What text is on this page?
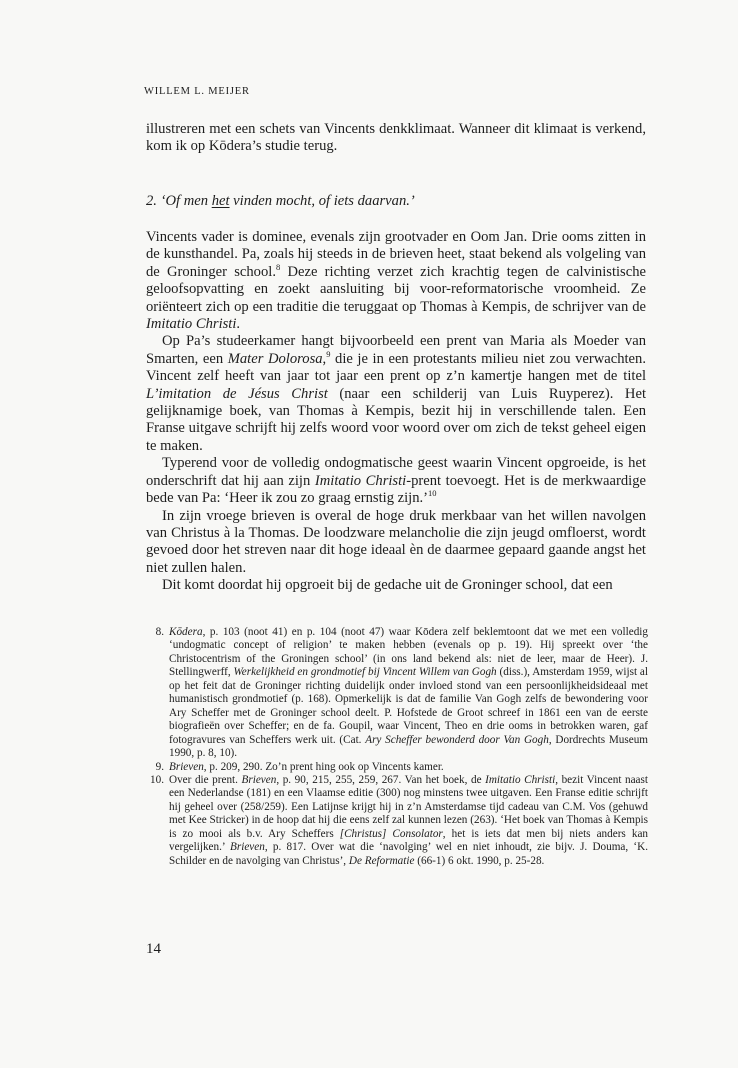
WILLEM L. MEIJER

illustreren met een schets van Vincents denkklimaat. Wanneer dit klimaat is verkend, kom ik op Kōdera’s studie terug.

2. ‘Of men het vinden mocht, of iets daarvan.’

Vincents vader is dominee, evenals zijn grootvader en Oom Jan. Drie ooms zitten in de kunsthandel. Pa, zoals hij steeds in de brieven heet, staat bekend als volgeling van de Groninger school.$^8$ Deze richting verzet zich krachtig tegen de calvinistische geloofsopvatting en zoekt aansluiting bij voor-reformatorische vroomheid. Ze oriënteert zich op een traditie die teruggaat op Thomas à Kempis, de schrijver van de Imitatio Christi.

Op Pa’s studeerkamer hangt bijvoorbeeld een prent van Maria als Moeder van Smarten, een Mater Dolorosa,$^9$ die je in een protestants milieu niet zou verwachten. Vincent zelf heeft van jaar tot jaar een prent op z’n kamertje hangen met de titel L’imitation de Jésus Christ (naar een schilderij van Luis Ruyperez). Het gelijknamige boek, van Thomas à Kempis, bezit hij in verschillende talen. Een Franse uitgave schrijft hij zelfs woord voor woord over om zich de tekst geheel eigen te maken.

Typerend voor de volledig ondogmatische geest waarin Vincent opgroeide, is het onderschrift dat hij aan zijn Imitatio Christi-prent toevoegt. Het is de merkwaardige bede van Pa: ‘Heer ik zou zo graag ernstig zijn.’$^{10}$

In zijn vroege brieven is overal de hoge druk merkbaar van het willen navolgen van Christus à la Thomas. De loodzware melancholie die zijn jeugd omfloerst, wordt gevoed door het streven naar dit hoge ideaal èn de daarmee gepaard gaande angst het niet zullen halen.

Dit komt doordat hij opgroeit bij de gedache uit de Groninger school, dat een

8. Kōdera, p. 103 (noot 41) en p. 104 (noot 47) waar Kōdera zelf beklemtoont dat we met een volledig ‘undogmatic concept of religion’ te maken hebben (evenals op p. 19). Hij spreekt over ‘the Christocentrism of the Groningen school’ (in ons land bekend als: niet de leer, maar de Heer). J. Stellingwerff, Werkelijkheid en grondmotief bij Vincent Willem van Gogh (diss.), Amsterdam 1959, wijst al op het feit dat de Groninger richting duidelijk onder invloed stond van een persoonlijkheidsideaal met humanistisch grondmotief (p. 168). Opmerkelijk is dat de familie Van Gogh zelfs de bewondering voor Ary Scheffer met de Groninger school deelt. P. Hofstede de Groot schreef in 1861 een van de eerste biografieën over Scheffer; en de fa. Goupil, waar Vincent, Theo en drie ooms in betrokken waren, gaf fotogravures van Scheffers werk uit. (Cat. Ary Scheffer bewonderd door Van Gogh, Dordrechts Museum 1990, p. 8, 10).

9. Brieven, p. 209, 290. Zo’n prent hing ook op Vincents kamer.

10. Over die prent. Brieven, p. 90, 215, 255, 259, 267. Van het boek, de Imitatio Christi, bezit Vincent naast een Nederlandse (181) en een Vlaamse editie (300) nog minstens twee uitgaven. Een Franse editie schrijft hij geheel over (258/259). Een Latijnse krijgt hij in z’n Amsterdamse tijd cadeau van C.M. Vos (gehuwd met Kee Stricker) in de hoop dat hij die eens zelf zal kunnen lezen (263). ‘Het boek van Thomas à Kempis is zo mooi als b.v. Ary Scheffers [Christus] Consolator, het is iets dat men bij niets anders kan vergelijken.’ Brieven, p. 817. Over wat die ‘navolging’ wel en niet inhoudt, zie bijv. J. Douma, ‘K. Schilder en de navolging van Christus’, De Reformatie (66-1) 6 okt. 1990, p. 25-28.

14
